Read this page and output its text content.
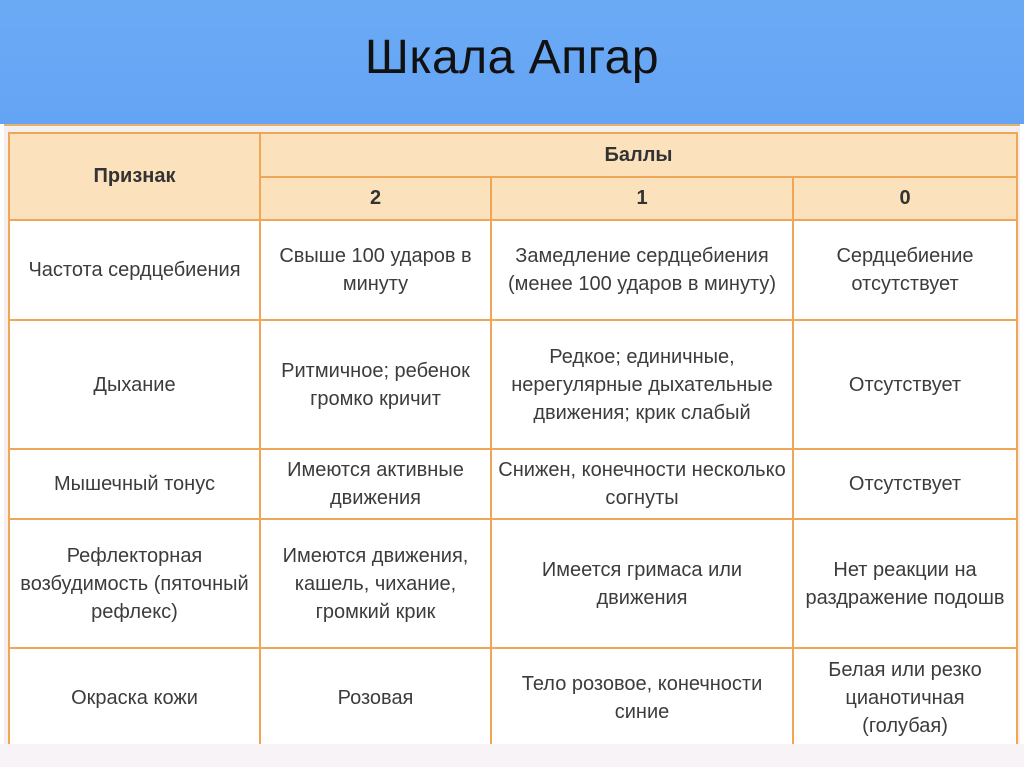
Шкала Апгар
Признак	Баллы		
	2	1	0
Частота сердцебиения	Свыше 100 ударов в минуту	Замедление сердцебиения (менее 100 ударов в минуту)	Сердцебиение отсутствует
Дыхание	Ритмичное; ребенок громко кричит	Редкое; единичные, нерегулярные дыхательные движения; крик слабый	Отсутствует
Мышечный тонус	Имеются активные движения	Снижен, конечности несколько согнуты	Отсутствует
Рефлекторная возбудимость (пяточный рефлекс)	Имеются движения, кашель, чихание, громкий крик	Имеется гримаса или движения	Нет реакции на раздражение подошв
Окраска кожи	Розовая	Тело розовое, конечности синие	Белая или резко цианотичная (голубая)
